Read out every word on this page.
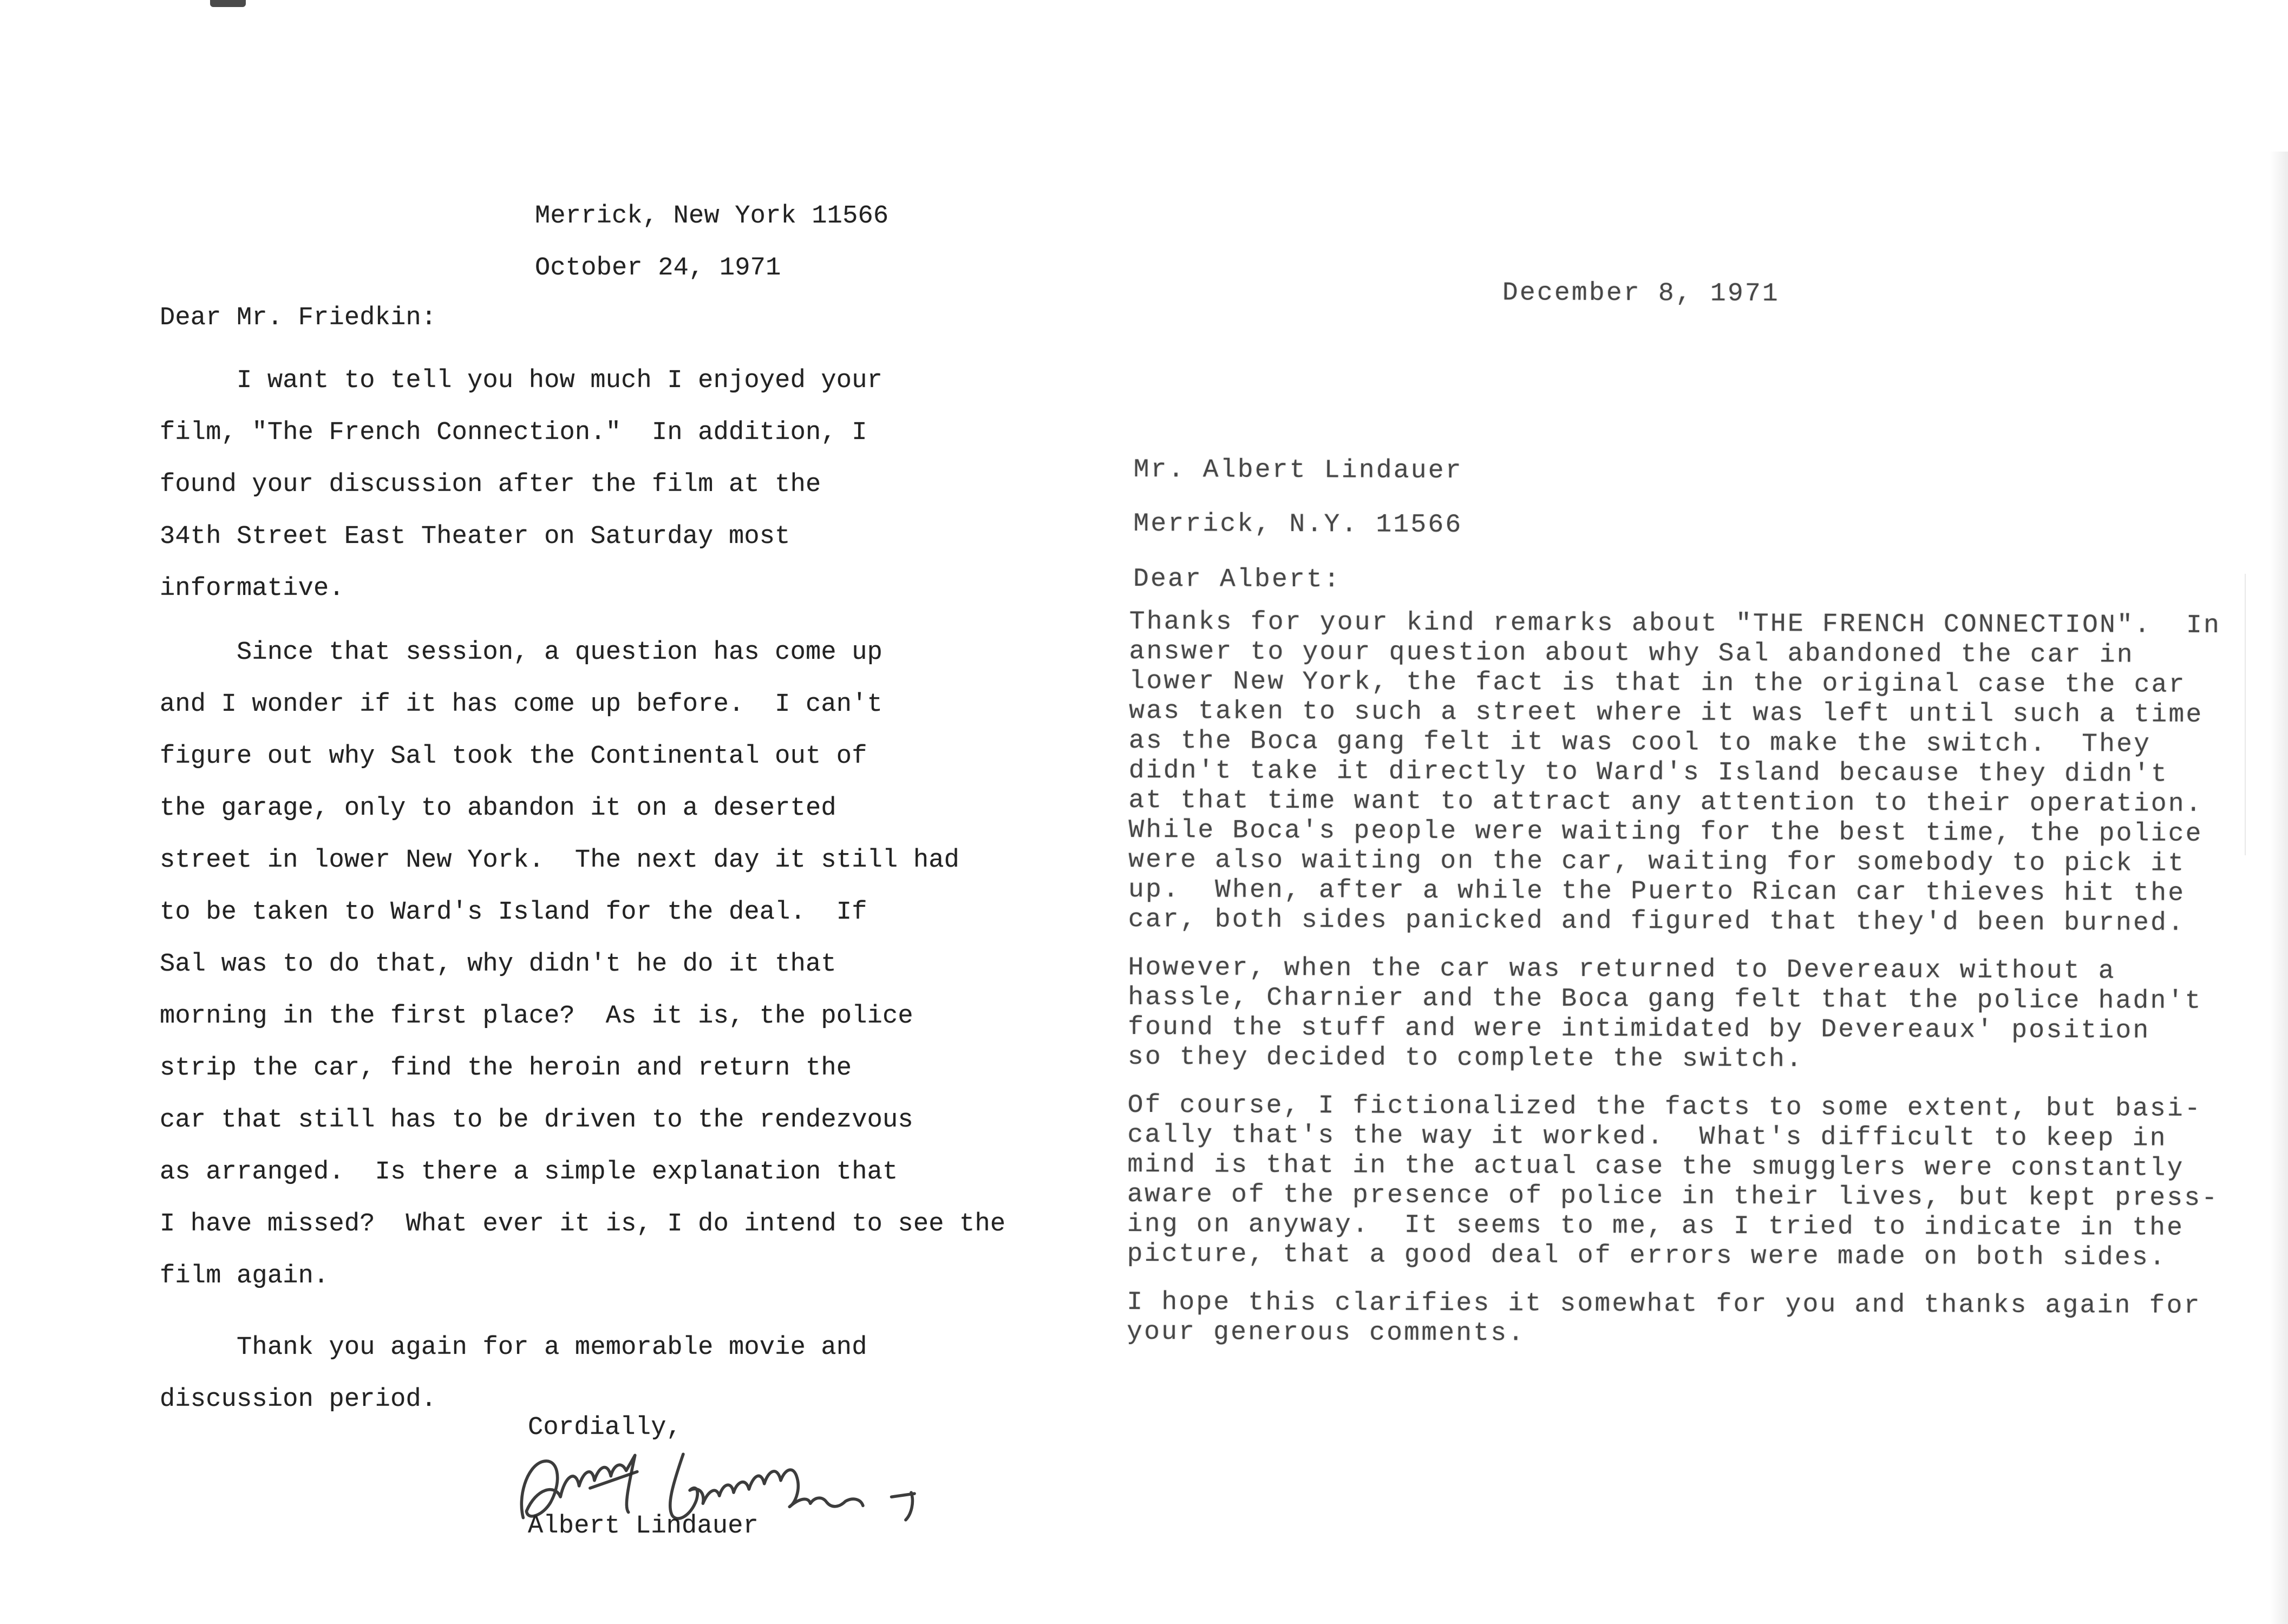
Merrick, New York 11566
October 24, 1971
Dear Mr. Friedkin:
I want to tell you how much I enjoyed your
film, "The French Connection."  In addition, I
found your discussion after the film at the
34th Street East Theater on Saturday most
informative.
Since that session, a question has come up
and I wonder if it has come up before.  I can't
figure out why Sal took the Continental out of
the garage, only to abandon it on a deserted
street in lower New York.  The next day it still had
to be taken to Ward's Island for the deal.  If
Sal was to do that, why didn't he do it that
morning in the first place?  As it is, the police
strip the car, find the heroin and return the
car that still has to be driven to the rendezvous
as arranged.  Is there a simple explanation that
I have missed?  What ever it is, I do intend to see the
film again.
Thank you again for a memorable movie and
discussion period.
Cordially,
Albert Lindauer
December 8, 1971
Mr. Albert Lindauer
Merrick, N.Y. 11566
Dear Albert:
Thanks for your kind remarks about "THE FRENCH CONNECTION".  In
answer to your question about why Sal abandoned the car in
lower New York, the fact is that in the original case the car
was taken to such a street where it was left until such a time
as the Boca gang felt it was cool to make the switch.  They
didn't take it directly to Ward's Island because they didn't
at that time want to attract any attention to their operation.
While Boca's people were waiting for the best time, the police
were also waiting on the car, waiting for somebody to pick it
up.  When, after a while the Puerto Rican car thieves hit the
car, both sides panicked and figured that they'd been burned.
However, when the car was returned to Devereaux without a
hassle, Charnier and the Boca gang felt that the police hadn't
found the stuff and were intimidated by Devereaux' position
so they decided to complete the switch.
Of course, I fictionalized the facts to some extent, but basi-
cally that's the way it worked.  What's difficult to keep in
mind is that in the actual case the smugglers were constantly
aware of the presence of police in their lives, but kept press-
ing on anyway.  It seems to me, as I tried to indicate in the
picture, that a good deal of errors were made on both sides.
I hope this clarifies it somewhat for you and thanks again for
your generous comments.
